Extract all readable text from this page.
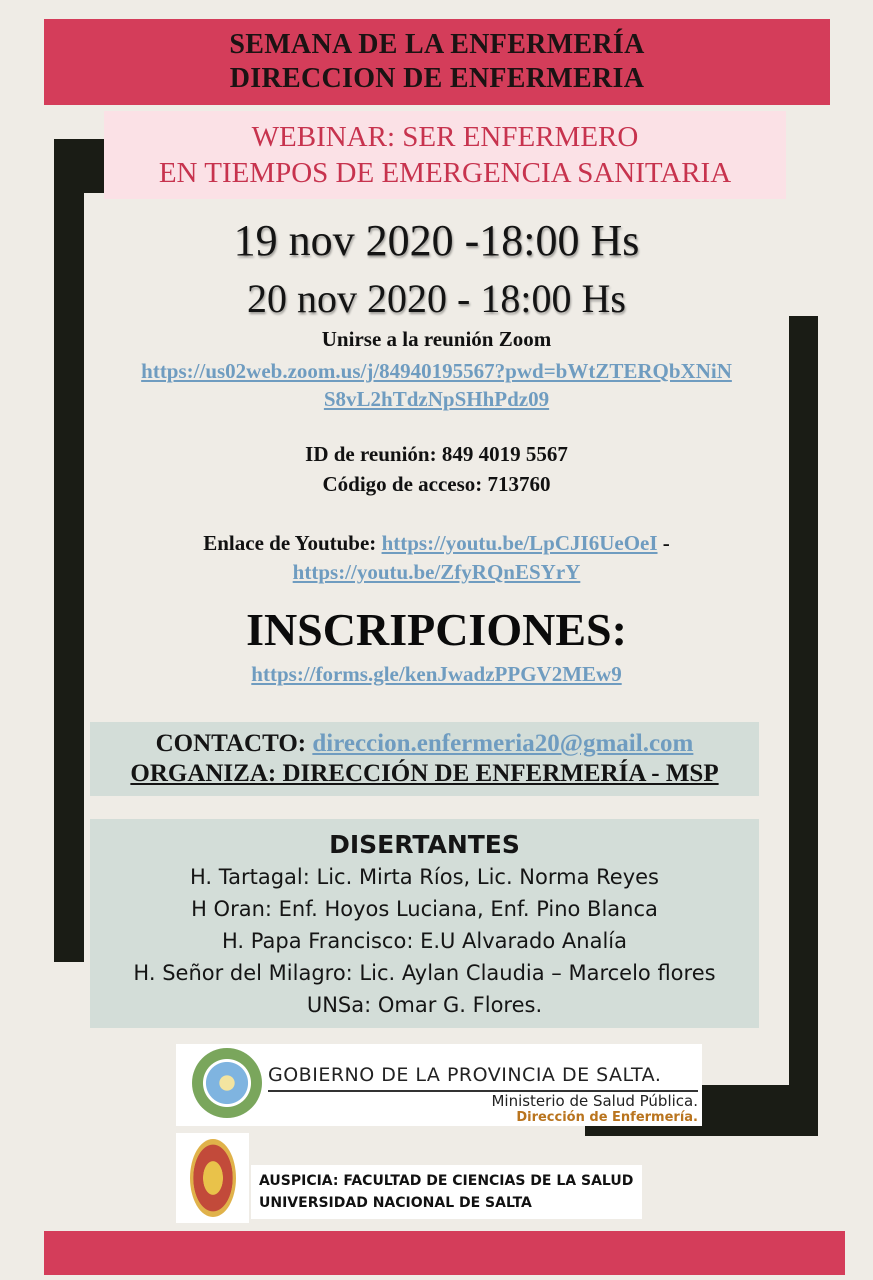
SEMANA DE LA ENFERMERÍA
DIRECCION DE ENFERMERIA
WEBINAR: SER ENFERMERO
EN TIEMPOS DE EMERGENCIA SANITARIA
19 nov 2020 -18:00 Hs
20 nov 2020 - 18:00 Hs
Unirse a la reunión Zoom
https://us02web.zoom.us/j/84940195567?pwd=bWtZTERQbXNiN
S8vL2hTdzNpSHhPdz09
ID de reunión: 849 4019 5567
Código de acceso: 713760
Enlace de Youtube: https://youtu.be/LpCJI6UeOeI -
https://youtu.be/ZfyRQnESYrY
INSCRIPCIONES:
https://forms.gle/kenJwadzPPGV2MEw9
CONTACTO: direccion.enfermeria20@gmail.com
ORGANIZA: DIRECCIÓN DE ENFERMERÍA - MSP
DISERTANTES
H. Tartagal: Lic. Mirta Ríos, Lic. Norma Reyes
H Oran: Enf. Hoyos Luciana, Enf. Pino Blanca
H. Papa Francisco: E.U Alvarado Analía
H. Señor del Milagro: Lic. Aylan Claudia – Marcelo flores
UNSa: Omar G. Flores.
GOBIERNO DE LA PROVINCIA DE SALTA.
Ministerio de Salud Pública.
Dirección de Enfermería.
AUSPICIA: FACULTAD DE CIENCIAS DE LA SALUD
UNIVERSIDAD NACIONAL DE SALTA
